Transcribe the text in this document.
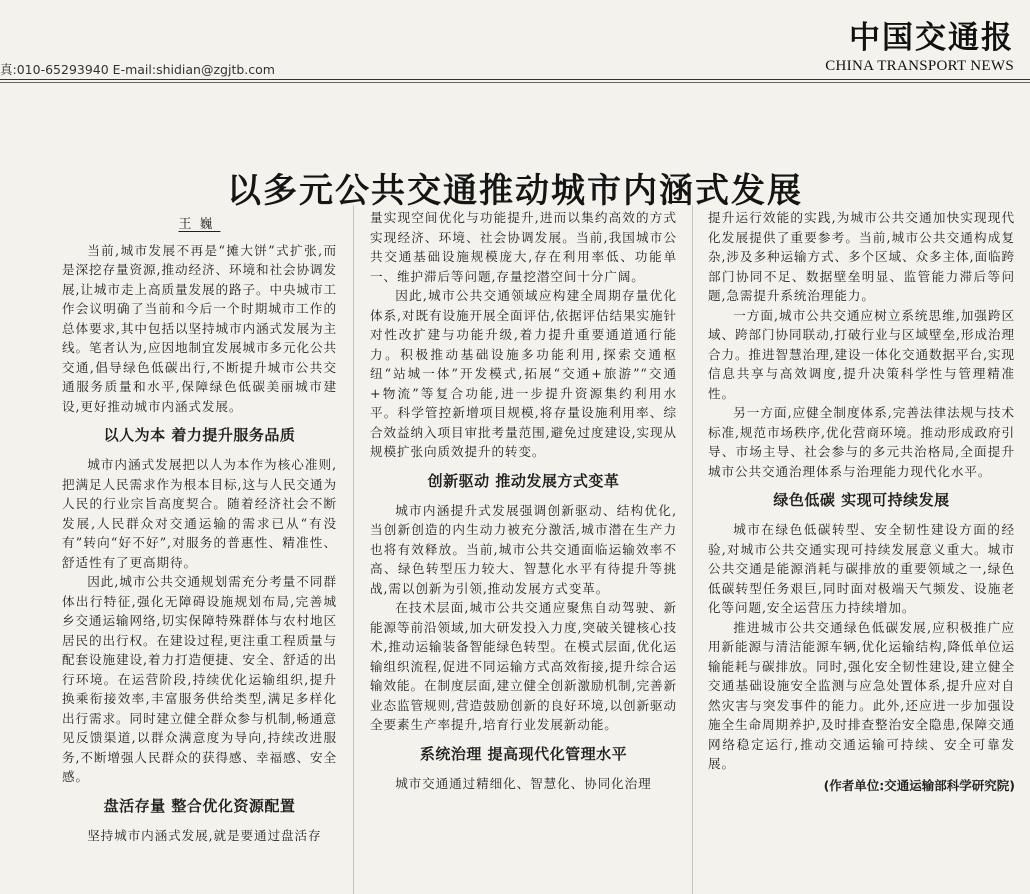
真:010-65293940 E-mail:shidian@zgjtb.com
中国交通报
CHINA TRANSPORT NEWS
以多元公共交通推动城市内涵式发展
王巍

当前,城市发展不再是“摊大饼”式扩张,而是深挖存量资源,推动经济、环境和社会协调发展,让城市走上高质量发展的路子。中央城市工作会议明确了当前和今后一个时期城市工作的总体要求,其中包括以坚持城市内涵式发展为主线。笔者认为,应因地制宜发展城市多元化公共交通,倡导绿色低碳出行,不断提升城市公共交通服务质量和水平,保障绿色低碳美丽城市建设,更好推动城市内涵式发展。

以人为本 着力提升服务品质

城市内涵式发展把以人为本作为核心准则,把满足人民需求作为根本目标,这与人民交通为人民的行业宗旨高度契合。随着经济社会不断发展,人民群众对交通运输的需求已从“有没有”转向“好不好”,对服务的普惠性、精准性、舒适性有了更高期待。

因此,城市公共交通规划需充分考量不同群体出行特征,强化无障碍设施规划布局,完善城乡交通运输网络,切实保障特殊群体与农村地区居民的出行权。在建设过程,更注重工程质量与配套设施建设,着力打造便捷、安全、舒适的出行环境。在运营阶段,持续优化运输组织,提升换乘衔接效率,丰富服务供给类型,满足多样化出行需求。同时建立健全群众参与机制,畅通意见反馈渠道,以群众满意度为导向,持续改进服务,不断增强人民群众的获得感、幸福感、安全感。

盘活存量 整合优化资源配置

坚持城市内涵式发展,就是要通过盘活存

量实现空间优化与功能提升,进而以集约高效的方式实现经济、环境、社会协调发展。当前,我国城市公共交通基础设施规模庞大,存在利用率低、功能单一、维护滞后等问题,存量挖潜空间十分广阔。

因此,城市公共交通领域应构建全周期存量优化体系,对既有设施开展全面评估,依据评估结果实施针对性改扩建与功能升级,着力提升重要通道通行能力。积极推动基础设施多功能利用,探索交通枢纽“站城一体”开发模式,拓展“交通+旅游”“交通+物流”等复合功能,进一步提升资源集约利用水平。科学管控新增项目规模,将存量设施利用率、综合效益纳入项目审批考量范围,避免过度建设,实现从规模扩张向质效提升的转变。

创新驱动 推动发展方式变革

城市内涵提升式发展强调创新驱动、结构优化,当创新创造的内生动力被充分激活,城市潜在生产力也将有效释放。当前,城市公共交通面临运输效率不高、绿色转型压力较大、智慧化水平有待提升等挑战,需以创新为引领,推动发展方式变革。

在技术层面,城市公共交通应聚焦自动驾驶、新能源等前沿领域,加大研发投入力度,突破关键核心技术,推动运输装备智能绿色转型。在模式层面,优化运输组织流程,促进不同运输方式高效衔接,提升综合运输效能。在制度层面,建立健全创新激励机制,完善新业态监管规则,营造鼓励创新的良好环境,以创新驱动全要素生产率提升,培育行业发展新动能。

系统治理 提高现代化管理水平

城市交通通过精细化、智慧化、协同化治理

提升运行效能的实践,为城市公共交通加快实现现代化发展提供了重要参考。当前,城市公共交通构成复杂,涉及多种运输方式、多个区域、众多主体,面临跨部门协同不足、数据壁垒明显、监管能力滞后等问题,急需提升系统治理能力。

一方面,城市公共交通应树立系统思维,加强跨区域、跨部门协同联动,打破行业与区域壁垒,形成治理合力。推进智慧治理,建设一体化交通数据平台,实现信息共享与高效调度,提升决策科学性与管理精准性。

另一方面,应健全制度体系,完善法律法规与技术标准,规范市场秩序,优化营商环境。推动形成政府引导、市场主导、社会参与的多元共治格局,全面提升城市公共交通治理体系与治理能力现代化水平。

绿色低碳 实现可持续发展

城市在绿色低碳转型、安全韧性建设方面的经验,对城市公共交通实现可持续发展意义重大。城市公共交通是能源消耗与碳排放的重要领域之一,绿色低碳转型任务艰巨,同时面对极端天气频发、设施老化等问题,安全运营压力持续增加。

推进城市公共交通绿色低碳发展,应积极推广应用新能源与清洁能源车辆,优化运输结构,降低单位运输能耗与碳排放。同时,强化安全韧性建设,建立健全交通基础设施安全监测与应急处置体系,提升应对自然灾害与突发事件的能力。此外,还应进一步加强设施全生命周期养护,及时排查整治安全隐患,保障交通网络稳定运行,推动交通运输可持续、安全可靠发展。

(作者单位:交通运输部科学研究院)
